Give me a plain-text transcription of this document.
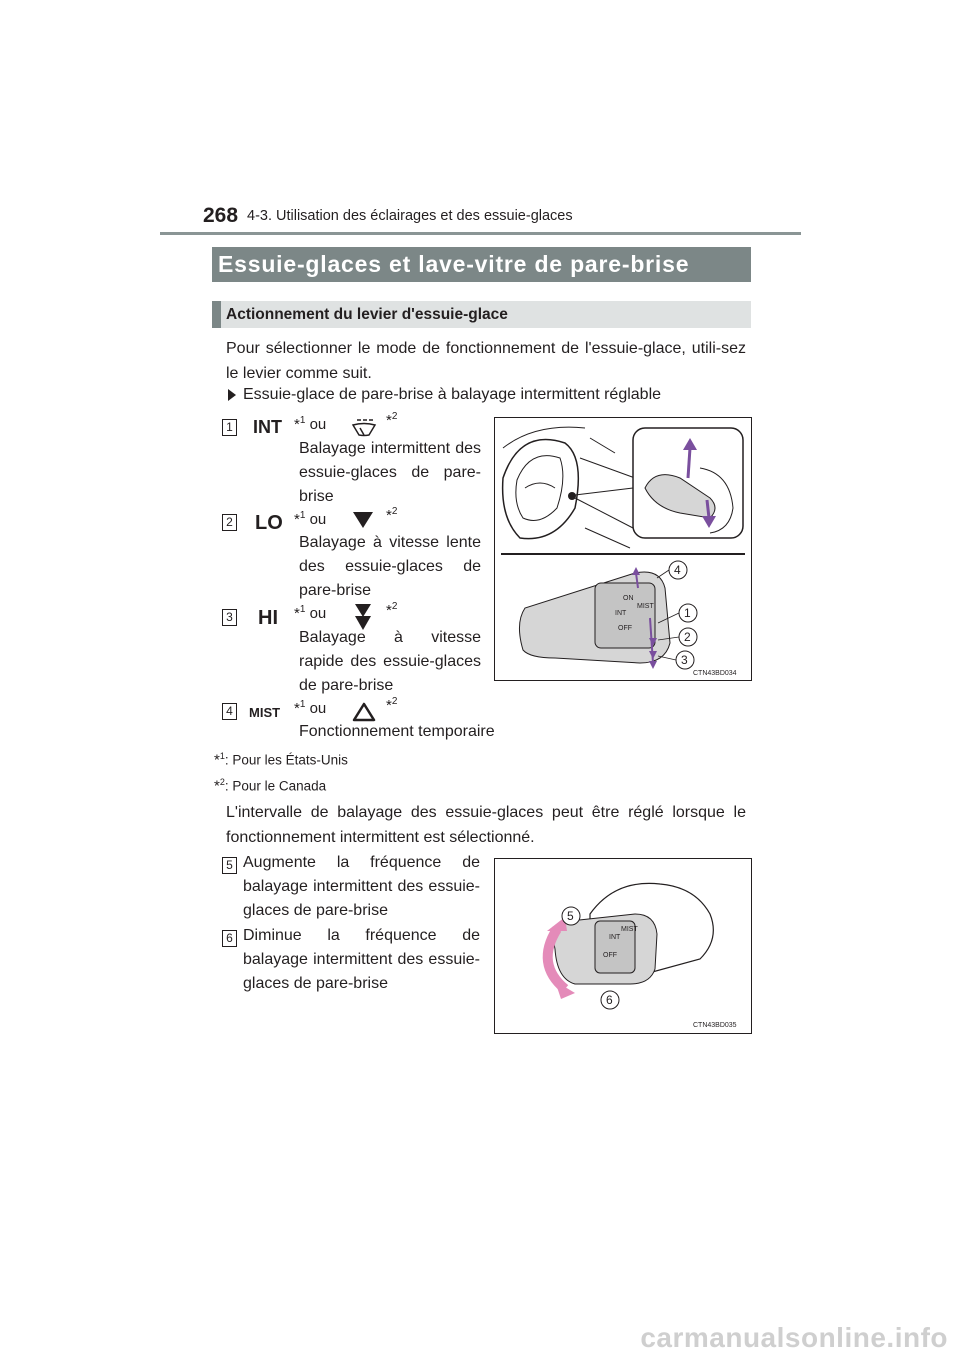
268 4-3. Utilisation des éclairages et des essuie-glaces
Essuie-glaces et lave-vitre de pare-brise
Actionnement du levier d'essuie-glace
Pour sélectionner le mode de fonctionnement de l'essuie-glace, utili-sez le levier comme suit.
Essuie-glace de pare-brise à balayage intermittent réglable
1 INT *$^1$ ou	*$^2$
Balayage intermittent des essuie-glaces de pare-brise
2 LO *$^1$ ou	*$^2$
Balayage à vitesse lente des essuie-glaces de pare-brise
3 HI *$^1$ ou	*$^2$
Balayage à vitesse rapide des essuie-glaces de pare-brise
4	MIST *$^1$ ou	*$^2$
Fonctionnement temporaire
*$^1$: Pour les États-Unis
*$^2$: Pour le Canada
L'intervalle de balayage des essuie-glaces peut être réglé lorsque le fonctionnement intermittent est sélectionné.
5 Augmente la fréquence de balayage intermittent des essuie-glaces de pare-brise
6 Diminue la fréquence de balayage intermittent des essuie-glaces de pare-brise
ON
INT
OFF
MIST
4
1
2
3
CTN43BD034
INT
OFF
MIST
5
6
CTN43BD035
carmanualsonline.info
